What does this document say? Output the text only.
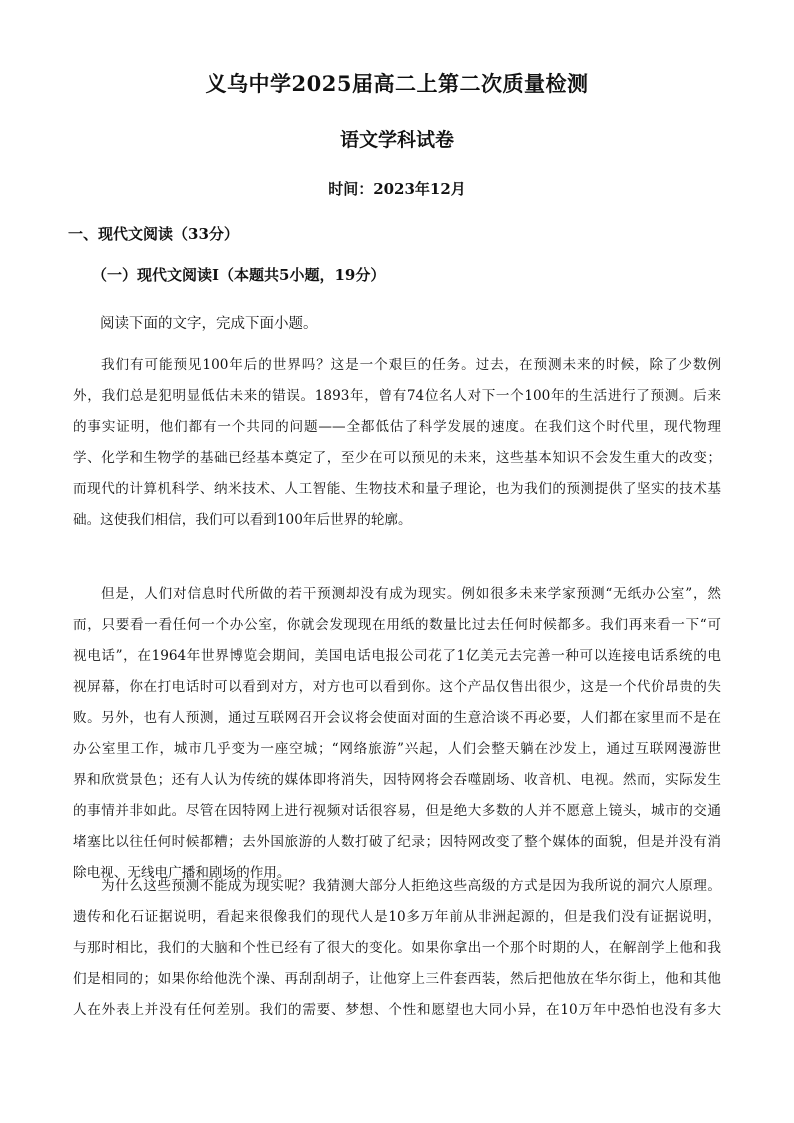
义乌中学2025届高二上第二次质量检测
语文学科试卷
时间：2023年12月
一、现代文阅读（33分）
（一）现代文阅读Ⅰ（本题共5小题，19分）
阅读下面的文字，完成下面小题。
我们有可能预见100年后的世界吗？这是一个艰巨的任务。过去，在预测未来的时候，除了少数例
外，我们总是犯明显低估未来的错误。1893年，曾有74位名人对下一个100年的生活进行了预测。后来
的事实证明，他们都有一个共同的问题——全都低估了科学发展的速度。在我们这个时代里，现代物理
学、化学和生物学的基础已经基本奠定了，至少在可以预见的未来，这些基本知识不会发生重大的改变；
而现代的计算机科学、纳米技术、人工智能、生物技术和量子理论，也为我们的预测提供了坚实的技术基
础。这使我们相信，我们可以看到100年后世界的轮廓。
但是，人们对信息时代所做的若干预测却没有成为现实。例如很多未来学家预测“无纸办公室”，然
而，只要看一看任何一个办公室，你就会发现现在用纸的数量比过去任何时候都多。我们再来看一下“可
视电话”，在1964年世界博览会期间，美国电话电报公司花了1亿美元去完善一种可以连接电话系统的电
视屏幕，你在打电话时可以看到对方，对方也可以看到你。这个产品仅售出很少，这是一个代价昂贵的失
败。另外，也有人预测，通过互联网召开会议将会使面对面的生意洽谈不再必要，人们都在家里而不是在
办公室里工作，城市几乎变为一座空城；“网络旅游”兴起，人们会整天躺在沙发上，通过互联网漫游世
界和欣赏景色；还有人认为传统的媒体即将消失，因特网将会吞噬剧场、收音机、电视。然而，实际发生
的事情并非如此。尽管在因特网上进行视频对话很容易，但是绝大多数的人并不愿意上镜头，城市的交通
堵塞比以往任何时候都糟；去外国旅游的人数打破了纪录；因特网改变了整个媒体的面貌，但是并没有消
除电视、无线电广播和剧场的作用。
为什么这些预测不能成为现实呢？我猜测大部分人拒绝这些高级的方式是因为我所说的洞穴人原理。
遗传和化石证据说明，看起来很像我们的现代人是10多万年前从非洲起源的，但是我们没有证据说明，
与那时相比，我们的大脑和个性已经有了很大的变化。如果你拿出一个那个时期的人，在解剖学上他和我
们是相同的；如果你给他洗个澡、再刮刮胡子，让他穿上三件套西装，然后把他放在华尔街上，他和其他
人在外表上并没有任何差别。我们的需要、梦想、个性和愿望也大同小异，在10万年中恐怕也没有多大
